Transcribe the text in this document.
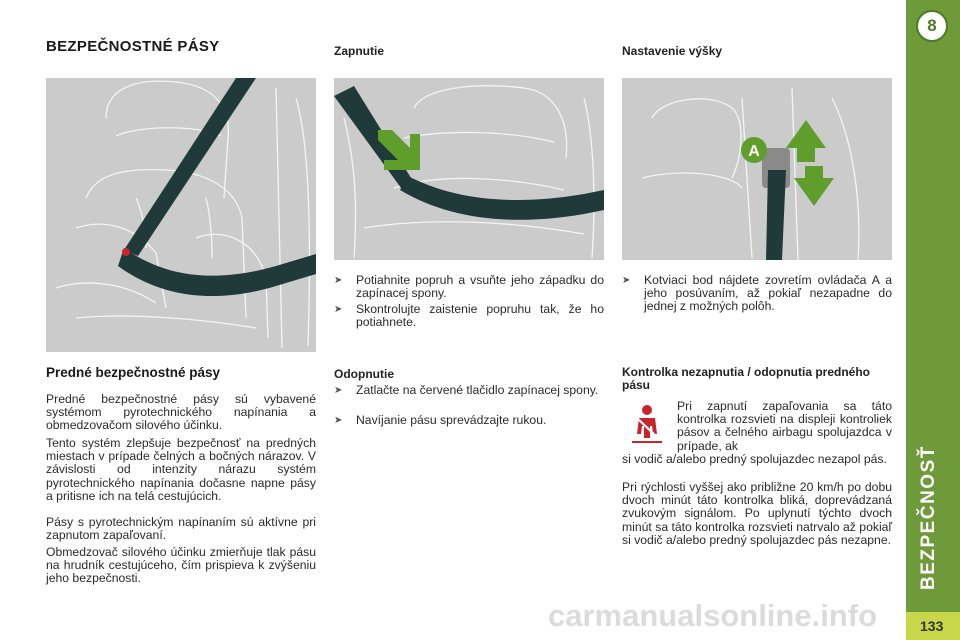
BEZPEČNOSTNÉ PÁSY
Predné bezpečnostné pásy

Predné bezpečnostné pásy sú vybavené systémom pyrotechnického napínania a obmedzovačom silového účinku.

Tento systém zlepšuje bezpečnosť na predných miestach v prípade čelných a bočných nárazov. V závislosti od intenzity nárazu systém pyrotechnického napínania dočasne napne pásy a pritisne ich na telá cestujúcich.

Pásy s pyrotechnickým napínaním sú aktívne pri zapnutom zapaľovaní.

Obmedzovač silového účinku zmierňuje tlak pásu na hrudník cestujúceho, čím prispieva k zvýšeniu jeho bezpečnosti.

Zapnutie
➤	Potiahnite popruh a vsuňte jeho západku do zapínacej spony.
➤	Skontrolujte zaistenie popruhu tak, že ho potiahnete.
Odopnutie
➤	Zatlačte na červené tlačidlo zapínacej spony.
➤	Navíjanie pásu sprevádzajte rukou.
Nastavenie výšky
A
➤	Kotviaci bod nájdete zovretím ovládača A a jeho posúvaním, až pokiaľ nezapadne do jednej z možných polôh.
Kontrolka nezapnutia / odopnutia predného pásu

Pri zapnutí zapaľovania sa táto kontrolka rozsvieti na displeji kontroliek pásov a čelného airbagu spolujazdca v prípade, ak

si vodič a/alebo predný spolujazdec nezapol pás.

Pri rýchlosti vyššej ako približne 20 km/h po dobu dvoch minút táto kontrolka bliká, doprevádzaná zvukovým signálom. Po uplynutí týchto dvoch minút sa táto kontrolka rozsvieti natrvalo až pokiaľ si vodič a/alebo predný spolujazdec pás nezapne.

8
BEZPEČNOSŤ
133
carmanualsonline.info
